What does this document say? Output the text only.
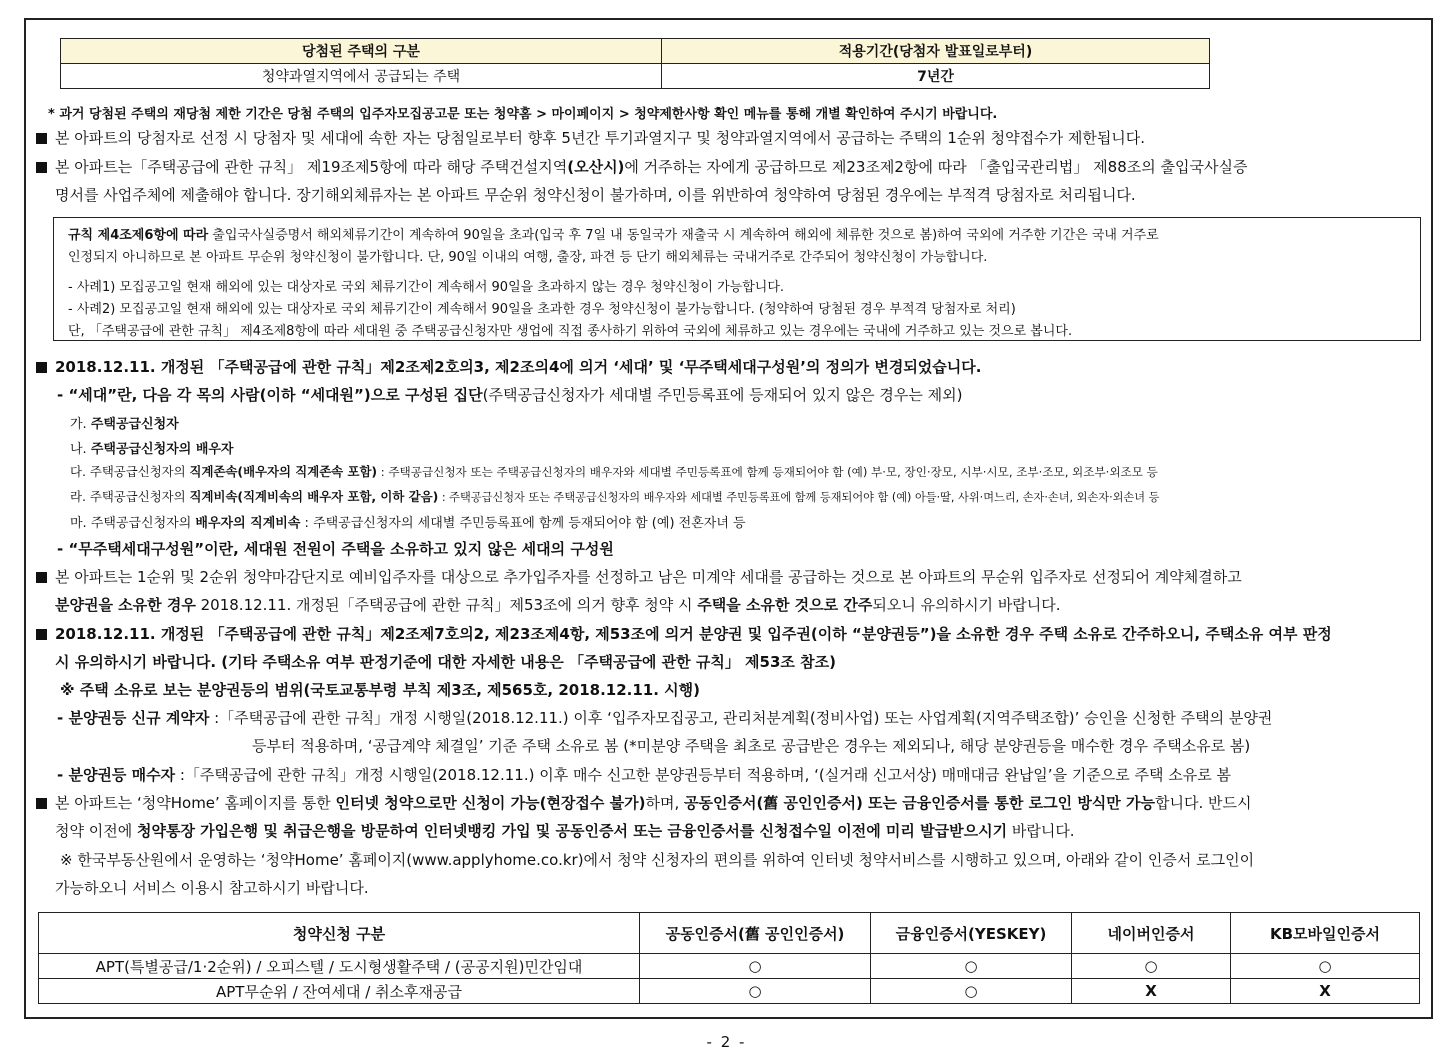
당첨된 주택의 구분	적용기간(당첨자 발표일로부터)
청약과열지역에서 공급되는 주택	7년간
* 과거 당첨된 주택의 재당첨 제한 기간은 당첨 주택의 입주자모집공고문 또는 청약홈 > 마이페이지 > 청약제한사항 확인 메뉴를 통해 개별 확인하여 주시기 바랍니다.
본 아파트의 당첨자로 선정 시 당첨자 및 세대에 속한 자는 당첨일로부터 향후 5년간 투기과열지구 및 청약과열지역에서 공급하는 주택의 1순위 청약접수가 제한됩니다.
본 아파트는「주택공급에 관한 규칙」 제19조제5항에 따라 해당 주택건설지역(오산시)에 거주하는 자에게 공급하므로 제23조제2항에 따라 「출입국관리법」 제88조의 출입국사실증
명서를 사업주체에 제출해야 합니다. 장기해외체류자는 본 아파트 무순위 청약신청이 불가하며, 이를 위반하여 청약하여 당첨된 경우에는 부적격 당첨자로 처리됩니다.
규칙 제4조제6항에 따라 출입국사실증명서 해외체류기간이 계속하여 90일을 초과(입국 후 7일 내 동일국가 재출국 시 계속하여 해외에 체류한 것으로 봄)하여 국외에 거주한 기간은 국내 거주로
인정되지 아니하므로 본 아파트 무순위 청약신청이 불가합니다. 단, 90일 이내의 여행, 출장, 파견 등 단기 해외체류는 국내거주로 간주되어 청약신청이 가능합니다.
- 사례1) 모집공고일 현재 해외에 있는 대상자로 국외 체류기간이 계속해서 90일을 초과하지 않는 경우 청약신청이 가능합니다.
- 사례2) 모집공고일 현재 해외에 있는 대상자로 국외 체류기간이 계속해서 90일을 초과한 경우 청약신청이 불가능합니다. (청약하여 당첨된 경우 부적격 당첨자로 처리)
단, 「주택공급에 관한 규칙」 제4조제8항에 따라 세대원 중 주택공급신청자만 생업에 직접 종사하기 위하여 국외에 체류하고 있는 경우에는 국내에 거주하고 있는 것으로 봅니다.
2018.12.11. 개정된 「주택공급에 관한 규칙」제2조제2호의3, 제2조의4에 의거 ‘세대’ 및 ‘무주택세대구성원’의 정의가 변경되었습니다.
- “세대”란, 다음 각 목의 사람(이하 “세대원”)으로 구성된 집단(주택공급신청자가 세대별 주민등록표에 등재되어 있지 않은 경우는 제외)
가. 주택공급신청자
나. 주택공급신청자의 배우자
다. 주택공급신청자의 직계존속(배우자의 직계존속 포함) : 주택공급신청자 또는 주택공급신청자의 배우자와 세대별 주민등록표에 함께 등재되어야 함 (예) 부·모, 장인·장모, 시부·시모, 조부·조모, 외조부·외조모 등
라. 주택공급신청자의 직계비속(직계비속의 배우자 포함, 이하 같음) : 주택공급신청자 또는 주택공급신청자의 배우자와 세대별 주민등록표에 함께 등재되어야 함 (예) 아들·딸, 사위·며느리, 손자·손녀, 외손자·외손녀 등
마. 주택공급신청자의 배우자의 직계비속 : 주택공급신청자의 세대별 주민등록표에 함께 등재되어야 함 (예) 전혼자녀 등
- “무주택세대구성원”이란, 세대원 전원이 주택을 소유하고 있지 않은 세대의 구성원
본 아파트는 1순위 및 2순위 청약마감단지로 예비입주자를 대상으로 추가입주자를 선정하고 남은 미계약 세대를 공급하는 것으로 본 아파트의 무순위 입주자로 선정되어 계약체결하고
분양권을 소유한 경우 2018.12.11. 개정된「주택공급에 관한 규칙」제53조에 의거 향후 청약 시 주택을 소유한 것으로 간주되오니 유의하시기 바랍니다.
2018.12.11. 개정된 「주택공급에 관한 규칙」제2조제7호의2, 제23조제4항, 제53조에 의거 분양권 및 입주권(이하 “분양권등”)을 소유한 경우 주택 소유로 간주하오니, 주택소유 여부 판정
시 유의하시기 바랍니다. (기타 주택소유 여부 판정기준에 대한 자세한 내용은 「주택공급에 관한 규칙」 제53조 참조)
※ 주택 소유로 보는 분양권등의 범위(국토교통부령 부칙 제3조, 제565호, 2018.12.11. 시행)
- 분양권등 신규 계약자 :「주택공급에 관한 규칙」개정 시행일(2018.12.11.) 이후 ‘입주자모집공고, 관리처분계획(정비사업) 또는 사업계획(지역주택조합)’ 승인을 신청한 주택의 분양권
등부터 적용하며, ‘공급계약 체결일’ 기준 주택 소유로 봄 (*미분양 주택을 최초로 공급받은 경우는 제외되나, 해당 분양권등을 매수한 경우 주택소유로 봄)
- 분양권등 매수자 :「주택공급에 관한 규칙」개정 시행일(2018.12.11.) 이후 매수 신고한 분양권등부터 적용하며, ‘(실거래 신고서상) 매매대금 완납일’을 기준으로 주택 소유로 봄
본 아파트는 ‘청약Home’ 홈페이지를 통한 인터넷 청약으로만 신청이 가능(현장접수 불가)하며, 공동인증서(舊 공인인증서) 또는 금융인증서를 통한 로그인 방식만 가능합니다. 반드시
청약 이전에 청약통장 가입은행 및 취급은행을 방문하여 인터넷뱅킹 가입 및 공동인증서 또는 금융인증서를 신청접수일 이전에 미리 발급받으시기 바랍니다.
※ 한국부동산원에서 운영하는 ‘청약Home’ 홈페이지(www.applyhome.co.kr)에서 청약 신청자의 편의를 위하여 인터넷 청약서비스를 시행하고 있으며, 아래와 같이 인증서 로그인이
가능하오니 서비스 이용시 참고하시기 바랍니다.
청약신청 구분	공동인증서(舊 공인인증서)	금융인증서(YESKEY)	네이버인증서	KB모바일인증서
APT(특별공급/1·2순위) / 오피스텔 / 도시형생활주택 / (공공지원)민간임대	○	○	○	○
APT무순위 / 잔여세대 / 취소후재공급	○	○	X	X
- 2 -
